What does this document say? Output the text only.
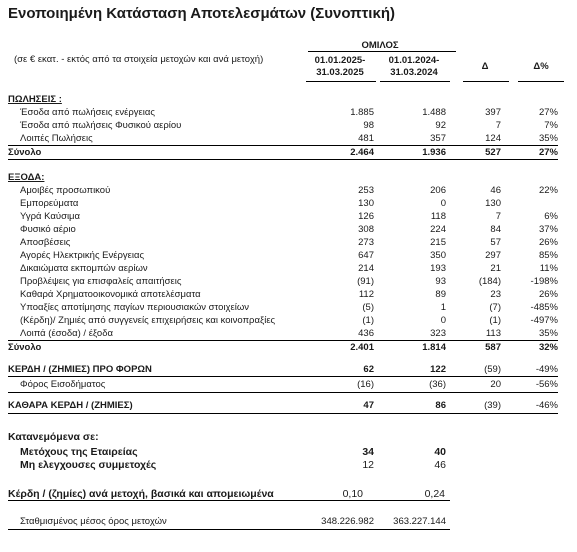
Ενοποιημένη Κατάσταση Αποτελεσμάτων (Συνοπτική)
(σε € εκατ. - εκτός από τα στοιχεία μετοχών και ανά μετοχή)
ΟΜΙΛΟΣ
01.01.2025-
31.03.2025
01.01.2024-
31.03.2024
Δ	Δ%
ΠΩΛΗΣΕΙΣ :
Έσοδα από πωλήσεις ενέργειας	1.885	1.488	397	27%
Έσοδα από πωλήσεις Φυσικού αερίου	98	92	7	7%
Λοιπές Πωλήσεις	481	357	124	35%
Σύνολο	2.464	1.936	527	27%
ΕΞΟΔΑ:
Αμοιβές προσωπικού	253	206	46	22%
Εμπορεύματα	130	0	130
Υγρά Καύσιμα	126	118	7	6%
Φυσικό αέριο	308	224	84	37%
Αποσβέσεις	273	215	57	26%
Αγορές Ηλεκτρικής Ενέργειας	647	350	297	85%
Δικαιώματα εκπομπών αερίων	214	193	21	11%
Προβλέψεις για επισφαλείς απαιτήσεις	(91)	93	(184)	-198%
Καθαρά Χρηματοοικονομικά αποτελέσματα	112	89	23	26%
Υποαξίες αποτίμησης παγίων περιουσιακών στοιχείων	(5)	1	(7)	-485%
(Κέρδη)/ Ζημιές από συγγενείς επιχειρήσεις και κοινοπραξίες	(1)	0	(1)	-497%
Λοιπά (έσοδα) / έξοδα	436	323	113	35%
Σύνολο	2.401	1.814	587	32%
ΚΕΡΔΗ / (ΖΗΜΙΕΣ) ΠΡΟ ΦΟΡΩΝ	62	122	(59)	-49%
Φόρος Εισοδήματος	(16)	(36)	20	-56%
ΚΑΘΑΡΑ ΚΕΡΔΗ / (ΖΗΜΙΕΣ)	47	86	(39)	-46%
Κατανεμόμενα σε:
Μετόχους της Εταιρείας	34	40
Μη ελεγχουσες συμμετοχές	12	46
Κέρδη / (ζημίες) ανά μετοχή, βασικά και απομειωμένα	0,10	0,24
Σταθμισμένος μέσος όρος μετοχών	348.226.982 363.227.144
